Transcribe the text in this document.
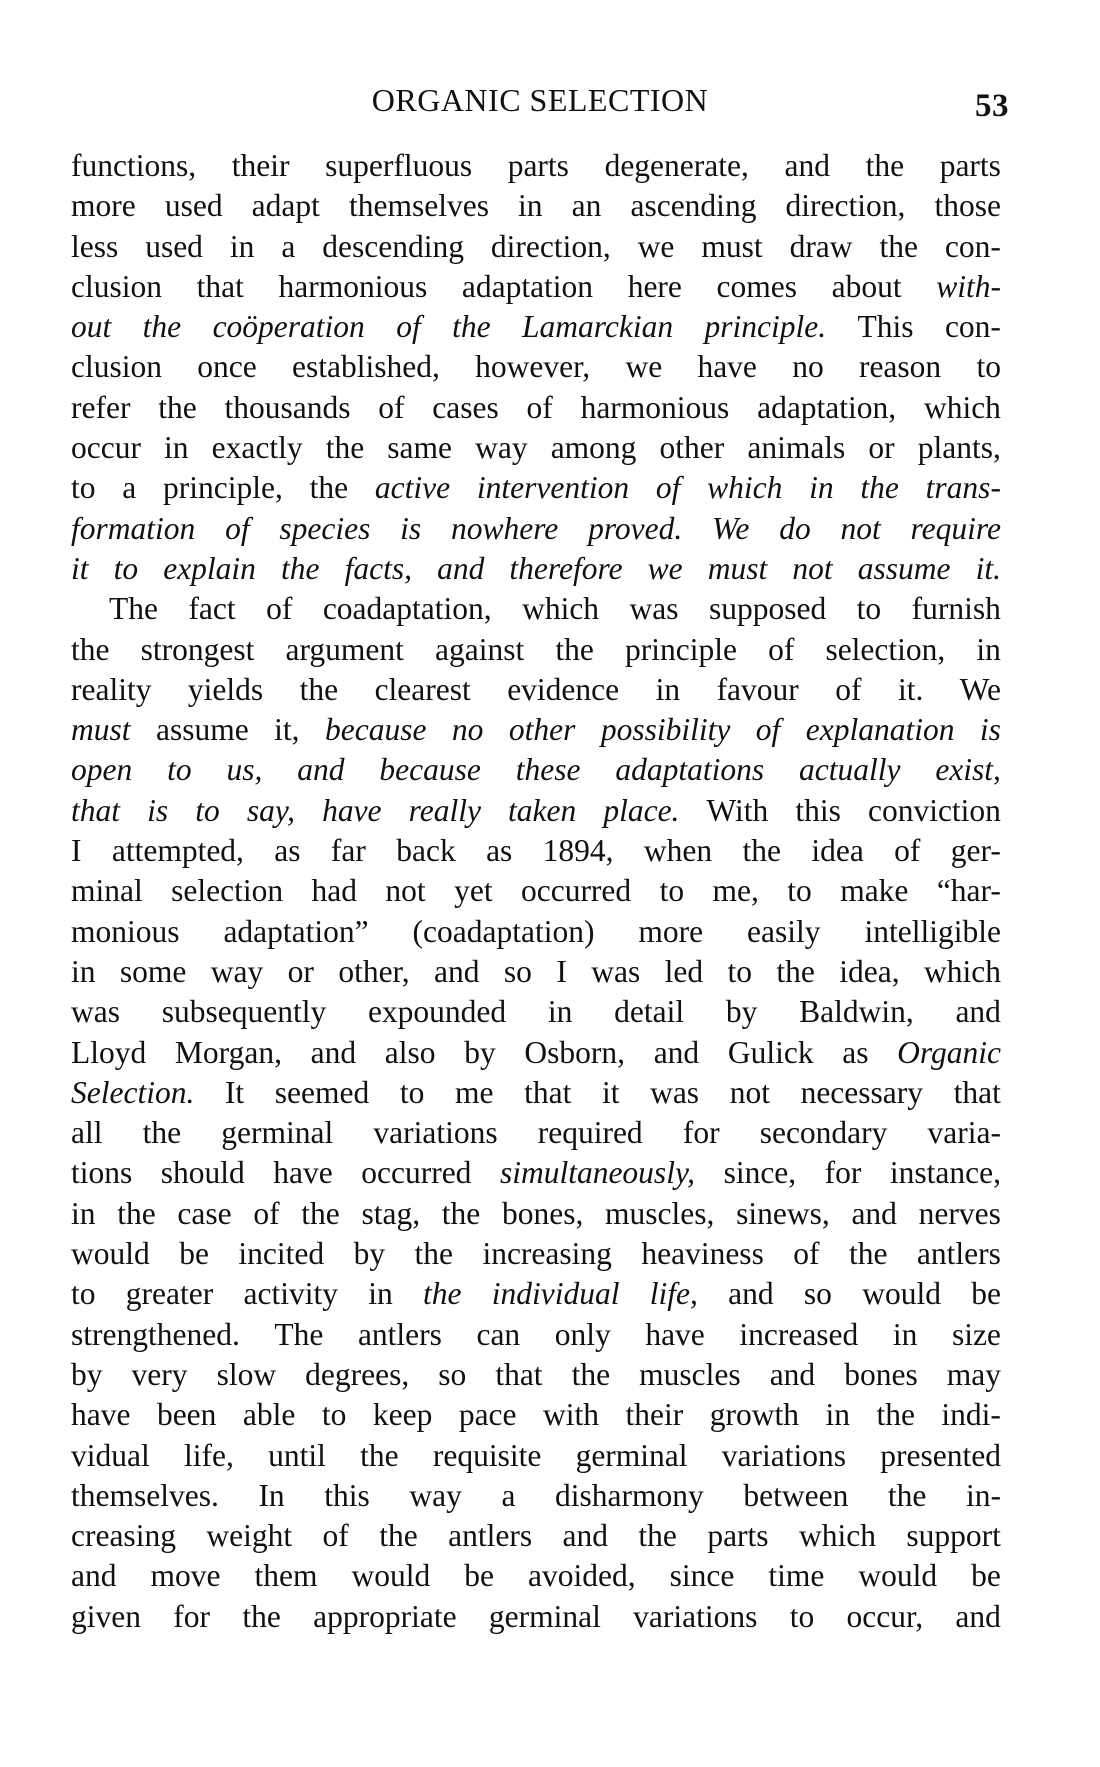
ORGANIC SELECTION	53
functions, their superfluous parts degenerate, and the parts
more used adapt themselves in an ascending direction, those
less used in a descending direction, we must draw the con-
clusion that harmonious adaptation here comes about with-
out the coöperation of the Lamarckian principle. This con-
clusion once established, however, we have no reason to
refer the thousands of cases of harmonious adaptation, which
occur in exactly the same way among other animals or plants,
to a principle, the active intervention of which in the trans-
formation of species is nowhere proved. We do not require
it to explain the facts, and therefore we must not assume it.
The fact of coadaptation, which was supposed to furnish
the strongest argument against the principle of selection, in
reality yields the clearest evidence in favour of it. We
must assume it, because no other possibility of explanation is
open to us, and because these adaptations actually exist,
that is to say, have really taken place. With this conviction
I attempted, as far back as 1894, when the idea of ger-
minal selection had not yet occurred to me, to make “har-
monious adaptation” (coadaptation) more easily intelligible
in some way or other, and so I was led to the idea, which
was subsequently expounded in detail by Baldwin, and
Lloyd Morgan, and also by Osborn, and Gulick as Organic
Selection. It seemed to me that it was not necessary that
all the germinal variations required for secondary varia-
tions should have occurred simultaneously, since, for instance,
in the case of the stag, the bones, muscles, sinews, and nerves
would be incited by the increasing heaviness of the antlers
to greater activity in the individual life, and so would be
strengthened. The antlers can only have increased in size
by very slow degrees, so that the muscles and bones may
have been able to keep pace with their growth in the indi-
vidual life, until the requisite germinal variations presented
themselves. In this way a disharmony between the in-
creasing weight of the antlers and the parts which support
and move them would be avoided, since time would be
given for the appropriate germinal variations to occur, and
